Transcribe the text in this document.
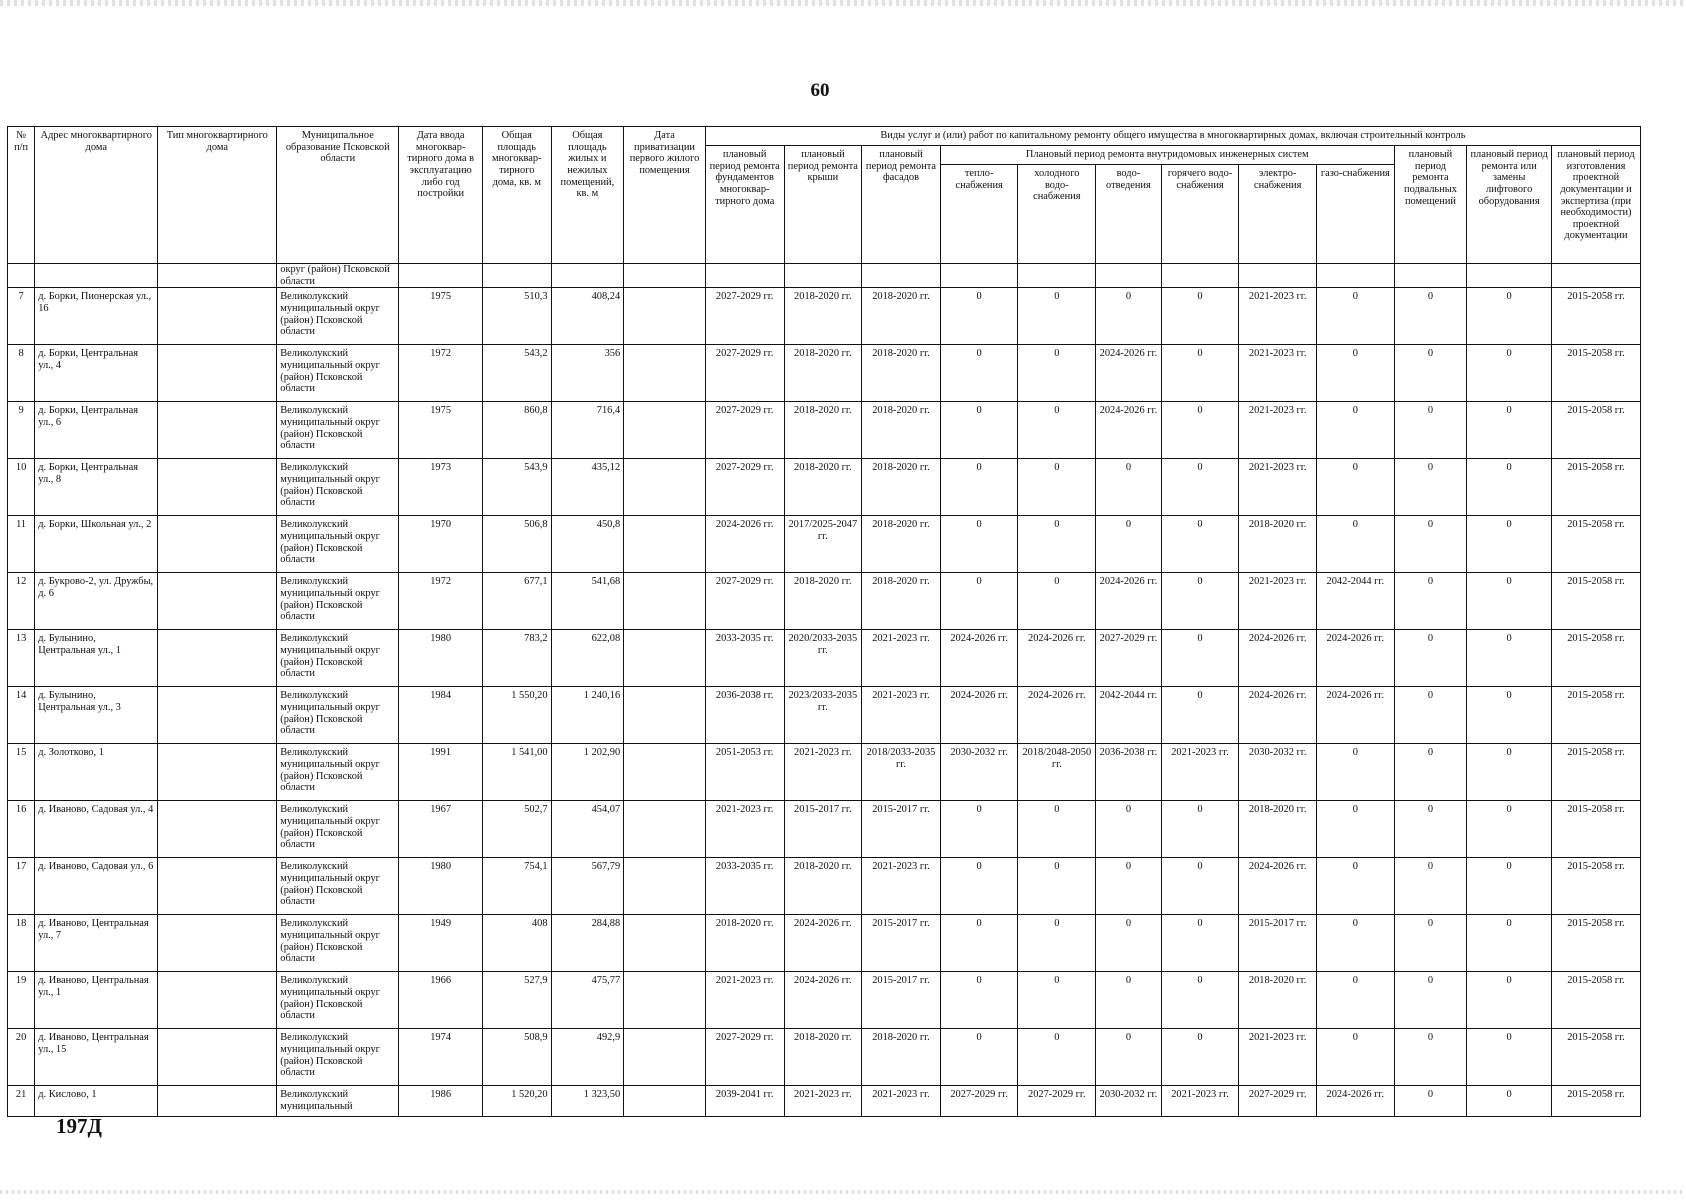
60
№ п/п	Адрес многоквартирного дома	Тип многоквартирного дома	Муниципальное образование Псковской области	Дата ввода многоквар-тирного дома в эксплуатацию либо год постройки	Общая площадь многоквар-тирного дома, кв. м	Общая площадь жилых и нежилых помещений, кв. м	Дата приватизации первого жилого помещения	Виды услуг и (или) работ по капитальному ремонту общего имущества в многоквартирных домах, включая строительный контроль											
								плановый период ремонта фундаментов многоквар-тирного дома	плановый период ремонта крыши	плановый период ремонта фасадов	Плановый период ремонта внутридомовых инженерных систем						плановый период ремонта подвальных помещений	плановый период ремонта или замены лифтового оборудования	плановый период изготовления проектной документации и экспертиза (при необходимости) проектной документации
											тепло-снабжения	холодного водо-снабжения	водо-отведения	горячего водо-снабжения	электро-снабжения	газо-снабжения			
			округ (район) Псковской области																
7	д. Борки, Пионерская ул., 16		Великолукский муниципальный округ (район) Псковской области	1975	510,3	408,24		2027-2029 гг.	2018-2020 гг.	2018-2020 гг.	0	0	0	0	2021-2023 гг.	0	0	0	2015-2058 гг.
8	д. Борки, Центральная ул., 4		Великолукский муниципальный округ (район) Псковской области	1972	543,2	356		2027-2029 гг.	2018-2020 гг.	2018-2020 гг.	0	0	2024-2026 гг.	0	2021-2023 гг.	0	0	0	2015-2058 гг.
9	д. Борки, Центральная ул., 6		Великолукский муниципальный округ (район) Псковской области	1975	860,8	716,4		2027-2029 гг.	2018-2020 гг.	2018-2020 гг.	0	0	2024-2026 гг.	0	2021-2023 гг.	0	0	0	2015-2058 гг.
10	д. Борки, Центральная ул., 8		Великолукский муниципальный округ (район) Псковской области	1973	543,9	435,12		2027-2029 гг.	2018-2020 гг.	2018-2020 гг.	0	0	0	0	2021-2023 гг.	0	0	0	2015-2058 гг.
11	д. Борки, Школьная ул., 2		Великолукский муниципальный округ (район) Псковской области	1970	506,8	450,8		2024-2026 гг.	2017/2025-2047 гг.	2018-2020 гг.	0	0	0	0	2018-2020 гг.	0	0	0	2015-2058 гг.
12	д. Букрово-2, ул. Дружбы, д. 6		Великолукский муниципальный округ (район) Псковской области	1972	677,1	541,68		2027-2029 гг.	2018-2020 гг.	2018-2020 гг.	0	0	2024-2026 гг.	0	2021-2023 гг.	2042-2044 гг.	0	0	2015-2058 гг.
13	д. Булынино, Центральная ул., 1		Великолукский муниципальный округ (район) Псковской области	1980	783,2	622,08		2033-2035 гг.	2020/2033-2035 гг.	2021-2023 гг.	2024-2026 гг.	2024-2026 гг.	2027-2029 гг.	0	2024-2026 гг.	2024-2026 гг.	0	0	2015-2058 гг.
14	д. Булынино, Центральная ул., 3		Великолукский муниципальный округ (район) Псковской области	1984	1 550,20	1 240,16		2036-2038 гг.	2023/2033-2035 гг.	2021-2023 гг.	2024-2026 гг.	2024-2026 гг.	2042-2044 гг.	0	2024-2026 гг.	2024-2026 гг.	0	0	2015-2058 гг.
15	д. Золотково, 1		Великолукский муниципальный округ (район) Псковской области	1991	1 541,00	1 202,90		2051-2053 гг.	2021-2023 гг.	2018/2033-2035 гг.	2030-2032 гг.	2018/2048-2050 гг.	2036-2038 гг.	2021-2023 гг.	2030-2032 гг.	0	0	0	2015-2058 гг.
16	д. Иваново, Садовая ул., 4		Великолукский муниципальный округ (район) Псковской области	1967	502,7	454,07		2021-2023 гг.	2015-2017 гг.	2015-2017 гг.	0	0	0	0	2018-2020 гг.	0	0	0	2015-2058 гг.
17	д. Иваново, Садовая ул., 6		Великолукский муниципальный округ (район) Псковской области	1980	754,1	567,79		2033-2035 гг.	2018-2020 гг.	2021-2023 гг.	0	0	0	0	2024-2026 гг.	0	0	0	2015-2058 гг.
18	д. Иваново, Центральная ул., 7		Великолукский муниципальный округ (район) Псковской области	1949	408	284,88		2018-2020 гг.	2024-2026 гг.	2015-2017 гг.	0	0	0	0	2015-2017 гг.	0	0	0	2015-2058 гг.
19	д. Иваново, Центральная ул., 1		Великолукский муниципальный округ (район) Псковской области	1966	527,9	475,77		2021-2023 гг.	2024-2026 гг.	2015-2017 гг.	0	0	0	0	2018-2020 гг.	0	0	0	2015-2058 гг.
20	д. Иваново, Центральная ул., 15		Великолукский муниципальный округ (район) Псковской области	1974	508,9	492,9		2027-2029 гг.	2018-2020 гг.	2018-2020 гг.	0	0	0	0	2021-2023 гг.	0	0	0	2015-2058 гг.
21	д. Кислово, 1		Великолукский муниципальный	1986	1 520,20	1 323,50		2039-2041 гг.	2021-2023 гг.	2021-2023 гг.	2027-2029 гг.	2027-2029 гг.	2030-2032 гг.	2021-2023 гг.	2027-2029 гг.	2024-2026 гг.	0	0	2015-2058 гг.
197Д
